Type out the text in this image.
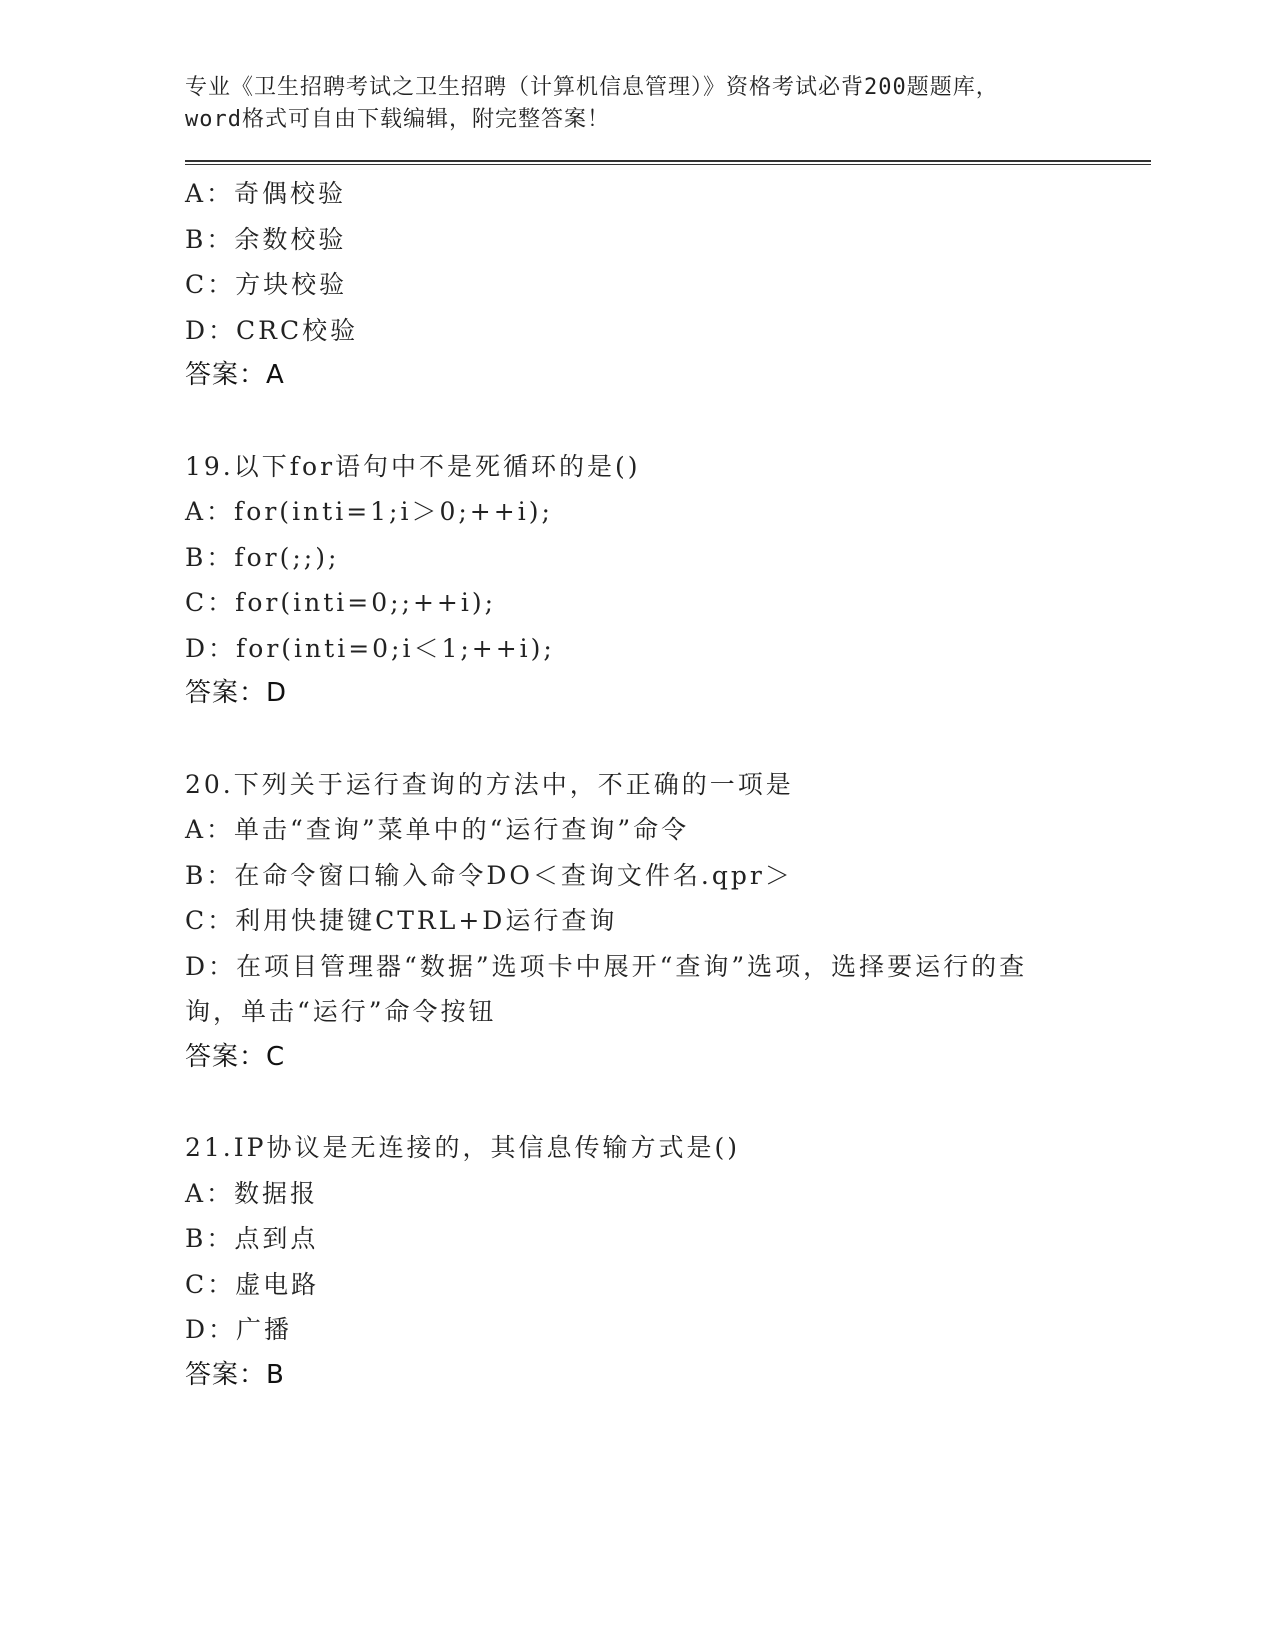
专业《卫生招聘考试之卫生招聘（计算机信息管理）》资格考试必背200题题库，
word格式可自由下载编辑，附完整答案！
A：奇偶校验
B：余数校验
C：方块校验
D：CRC校验
答案：A
19.以下for语句中不是死循环的是()
A：for(inti=1;i＞0;++i);
B：for(;;);
C：for(inti=0;;++i);
D：for(inti=0;i＜1;++i);
答案：D
20.下列关于运行查询的方法中，不正确的一项是
A：单击“查询”菜单中的“运行查询”命令
B：在命令窗口输入命令DO＜查询文件名.qpr＞
C：利用快捷键CTRL+D运行查询
D：在项目管理器“数据”选项卡中展开“查询”选项，选择要运行的查询，单击“运行”命令按钮
答案：C
21.IP协议是无连接的，其信息传输方式是()
A：数据报
B：点到点
C：虚电路
D：广播
答案：B
